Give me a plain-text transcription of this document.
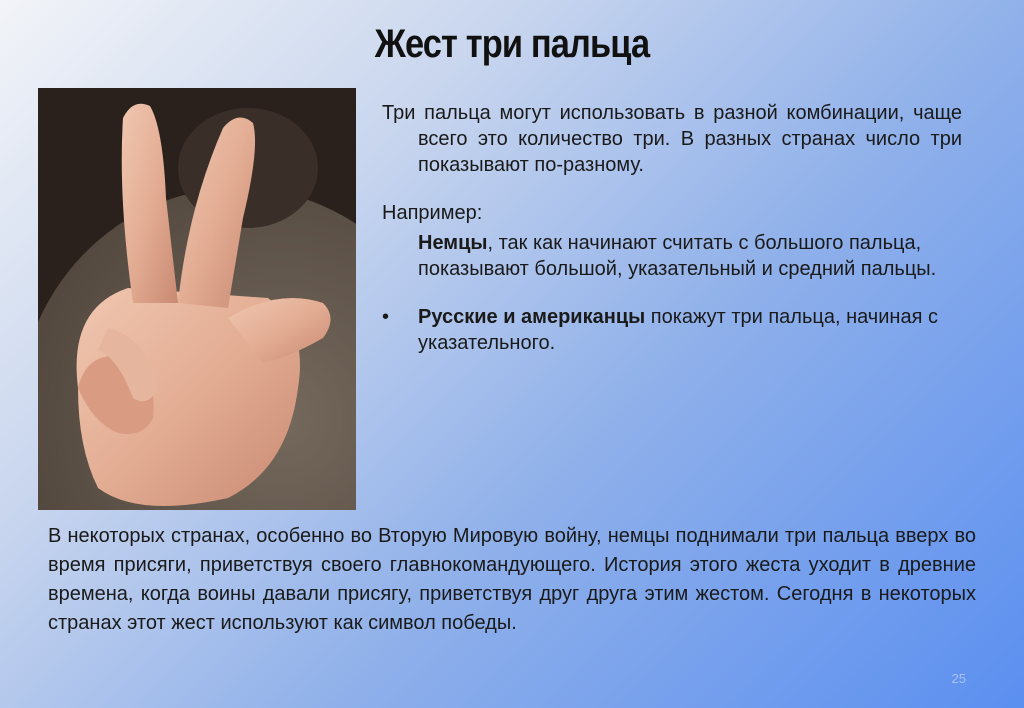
Жест три пальца
Три пальца могут использовать в разной комбинации, чаще всего это количество три. В разных странах число три показывают по-разному.
Например:
Немцы, так как начинают считать с большого пальца, показывают большой, указательный и средний пальцы.
•	Русские и американцы покажут три пальца, начиная с указательного.
В некоторых странах, особенно во Вторую Мировую войну, немцы поднимали три пальца вверх во время присяги, приветствуя своего главнокомандующего. История этого жеста уходит в древние времена, когда воины давали присягу, приветствуя друг друга этим жестом. Сегодня в некоторых странах этот жест используют как символ победы.
25
